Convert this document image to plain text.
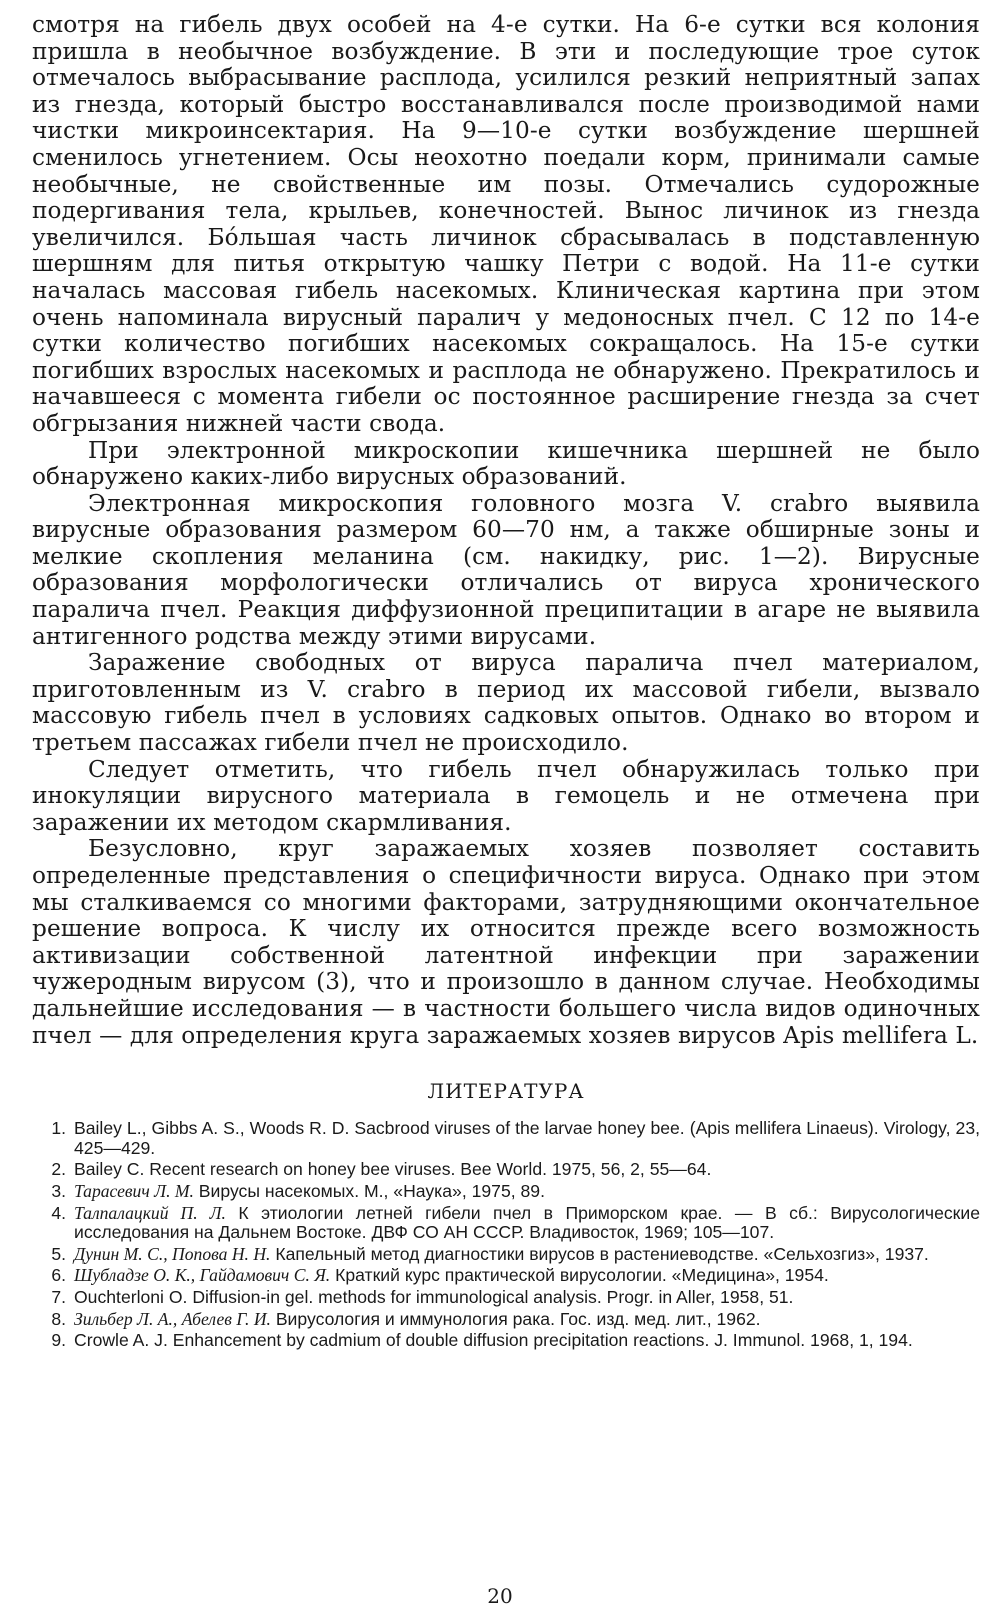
смотря на гибель двух особей на 4-е сутки. На 6-е сутки вся колония пришла в необычное возбуждение. В эти и последующие трое суток отмечалось выбрасывание расплода, усилился резкий неприятный запах из гнезда, который быстро восстанавливался после производимой нами чистки микроинсектария. На 9—10-е сутки возбуждение шершней сменилось угнетением. Осы неохотно поедали корм, принимали самые необычные, не свойственные им позы. Отмечались судорожные подергивания тела, крыльев, конечностей. Вынос личинок из гнезда увеличился. Бóльшая часть личинок сбрасывалась в подставленную шершням для питья открытую чашку Петри с водой. На 11-е сутки началась массовая гибель насекомых. Клиническая картина при этом очень напоминала вирусный паралич у медоносных пчел. С 12 по 14-е сутки количество погибших насекомых сокращалось. На 15-е сутки погибших взрослых насекомых и расплода не обнаружено. Прекратилось и начавшееся с момента гибели ос постоянное расширение гнезда за счет обгрызания нижней части свода.

При электронной микроскопии кишечника шершней не было обнаружено каких-либо вирусных образований.

Электронная микроскопия головного мозга V. crabro выявила вирусные образования размером 60—70 нм, а также обширные зоны и мелкие скопления меланина (см. накидку, рис. 1—2). Вирусные образования морфологически отличались от вируса хронического паралича пчел. Реакция диффузионной преципитации в агаре не выявила антигенного родства между этими вирусами.

Заражение свободных от вируса паралича пчел материалом, приготовленным из V. crabro в период их массовой гибели, вызвало массовую гибель пчел в условиях садковых опытов. Однако во втором и третьем пассажах гибели пчел не происходило.

Следует отметить, что гибель пчел обнаружилась только при инокуляции вирусного материала в гемоцель и не отмечена при заражении их методом скармливания.

Безусловно, круг заражаемых хозяев позволяет составить определенные представления о специфичности вируса. Однако при этом мы сталкиваемся со многими факторами, затрудняющими окончательное решение вопроса. К числу их относится прежде всего возможность активизации собственной латентной инфекции при заражении чужеродным вирусом (3), что и произошло в данном случае. Необходимы дальнейшие исследования — в частности большего числа видов одиночных пчел — для определения круга заражаемых хозяев вирусов Apis mellifera L.

ЛИТЕРАТУРА
1. Bailey L., Gibbs A. S., Woods R. D. Sacbrood viruses of the larvae honey bee. (Apis mellifera Linaeus). Virology, 23, 425—429.
2. Bailey C. Recent research on honey bee viruses. Bee World. 1975, 56, 2, 55—64.
3. Тарасевич Л. М. Вирусы насекомых. М., «Наука», 1975, 89.
4. Талпалацкий П. Л. К этиологии летней гибели пчел в Приморском крае. — В сб.: Вирусологические исследования на Дальнем Востоке. ДВФ СО АН СССР. Владивосток, 1969; 105—107.
5. Дунин М. С., Попова Н. Н. Капельный метод диагностики вирусов в растениеводстве. «Сельхозгиз», 1937.
6. Шубладзе О. К., Гайдамович С. Я. Краткий курс практической вирусологии. «Медицина», 1954.
7. Ouchterloni O. Diffusion-in gel. methods for immunological analysis. Progr. in Aller, 1958, 51.
8. Зильбер Л. А., Абелев Г. И. Вирусология и иммунология рака. Гос. изд. мед. лит., 1962.
9. Crowle A. J. Enhancement by cadmium of double diffusion precipitation reactions. J. Immunol. 1968, 1, 194.
20
